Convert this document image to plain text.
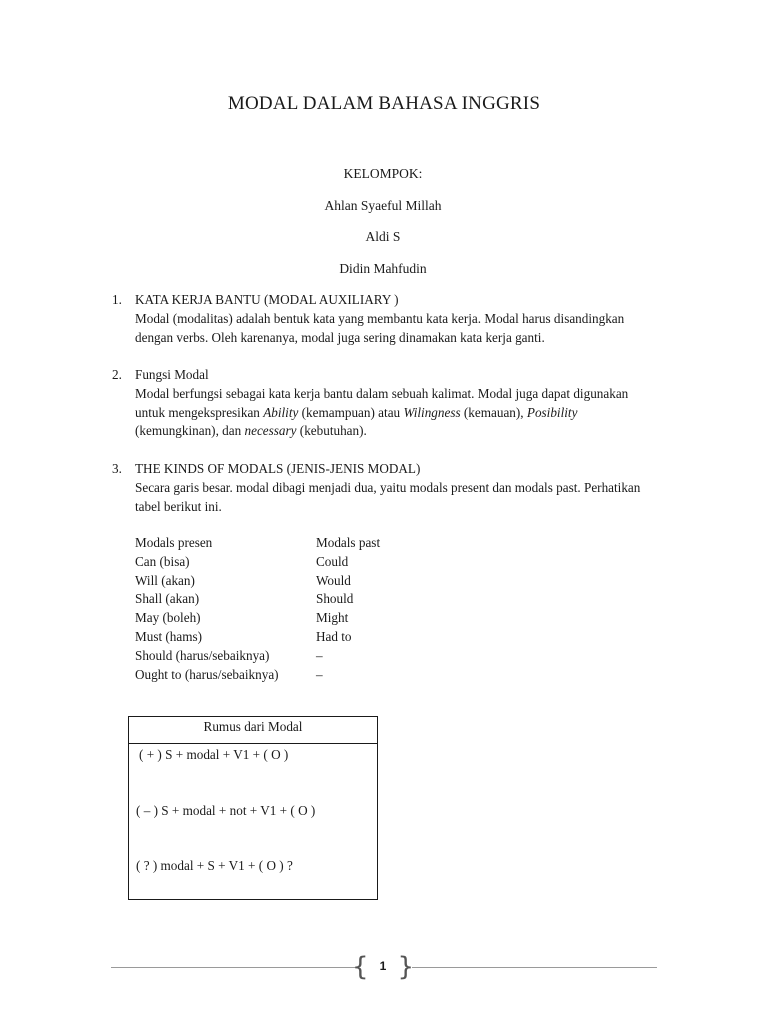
MODAL DALAM BAHASA INGGRIS
KELOMPOK:
Ahlan Syaeful Millah
Aldi S
Didin Mahfudin
1. KATA KERJA BANTU (MODAL AUXILIARY )
Modal (modalitas) adalah bentuk kata yang membantu kata kerja. Modal harus disandingkan
dengan verbs. Oleh karenanya, modal juga sering dinamakan kata kerja ganti.
2. Fungsi Modal
Modal berfungsi sebagai kata kerja bantu dalam sebuah kalimat. Modal juga dapat digunakan
untuk mengekspresikan Ability (kemampuan) atau Wilingness (kemauan), Posibility
(kemungkinan), dan necessary (kebutuhan).
3. THE KINDS OF MODALS (JENIS-JENIS MODAL)
Secara garis besar. modal dibagi menjadi dua, yaitu modals present dan modals past. Perhatikan
tabel berikut ini.
Modals presen	Modals past
Can (bisa)	Could
Will (akan)	Would
Shall (akan)	Should
May (boleh)	Might
Must (hams)	Had to
Should (harus/sebaiknya)	–
Ought to (harus/sebaiknya)	–
Rumus dari Modal
( + ) S + modal + V1 + ( O )
( – ) S + modal + not + V1 + ( O )
( ? ) modal + S + V1 + ( O ) ?
{ 1 }
